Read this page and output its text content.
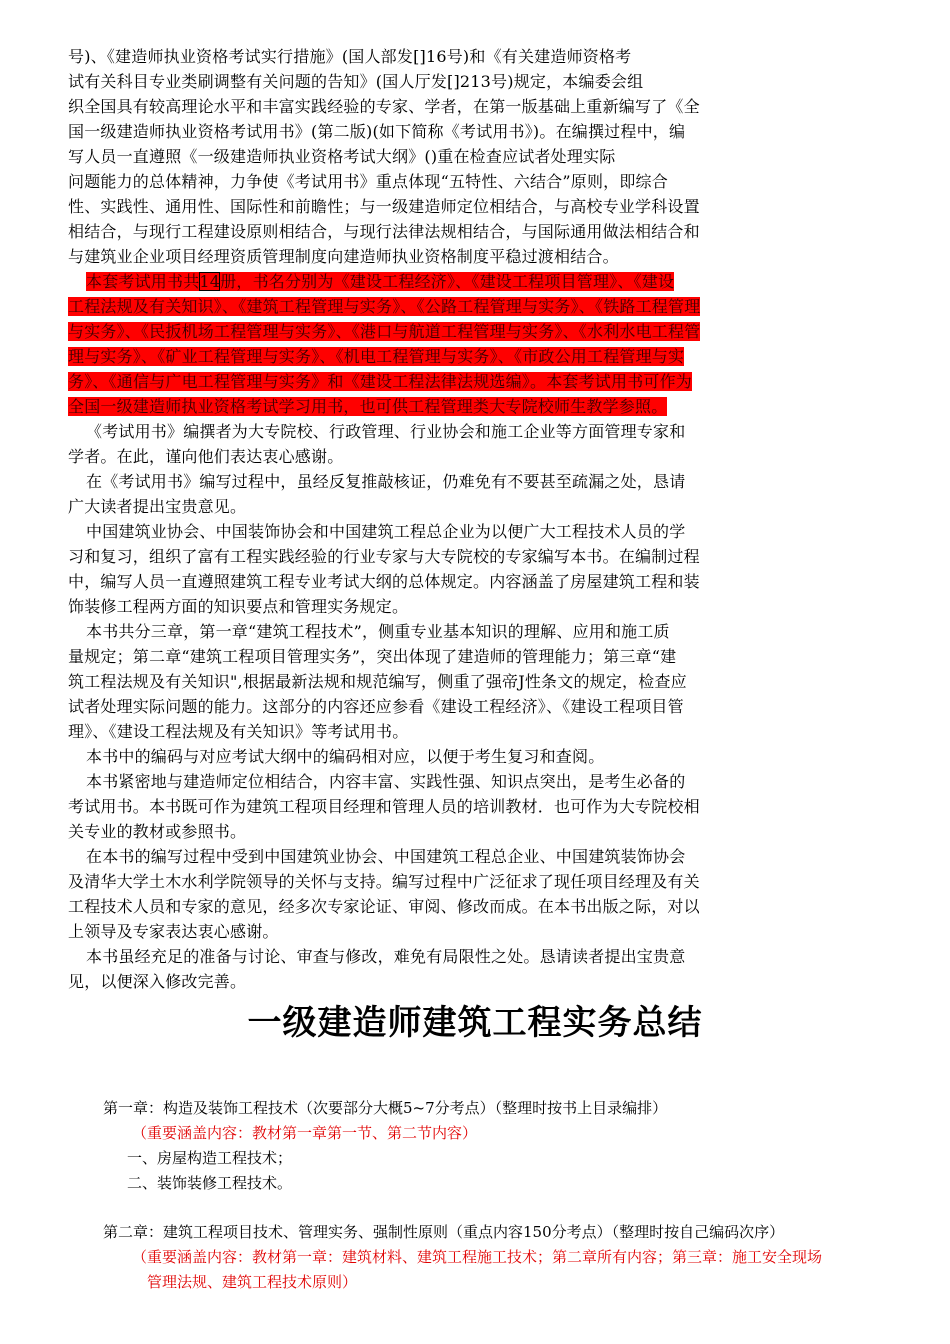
号)、《建造师执业资格考试实行措施》(国人部发[]16号)和《有关建造师资格考
试有关科目专业类刷调整有关问题的告知》(国人厅发[]213号)规定，本编委会组
织全国具有较高理论水平和丰富实践经验的专家、学者，在第一版基础上重新编写了《全
国一级建造师执业资格考试用书》(第二版)(如下简称《考试用书》)。在编撰过程中，编
写人员一直遵照《一级建造师执业资格考试大纲》()重在检查应试者处理实际
问题能力的总体精神，力争使《考试用书》重点体现“五特性、六结合”原则，即综合
性、实践性、通用性、国际性和前瞻性；与一级建造师定位相结合，与高校专业学科设置
相结合，与现行工程建设原则相结合，与现行法律法规相结合，与国际通用做法相结合和
与建筑业企业项目经理资质管理制度向建造师执业资格制度平稳过渡相结合。
本套考试用书共14册，书名分别为《建设工程经济》、《建设工程项目管理》、《建设
工程法规及有关知识》、《建筑工程管理与实务》、《公路工程管理与实务》、《铁路工程管理
与实务》、《民扳机场工程管理与实务》、《港口与航道工程管理与实务》、《水利水电工程管
理与实务》、《矿业工程管理与实务》、《机电工程管理与实务》、《市政公用工程管理与实
务》、《通信与广电工程管理与实务》和《建设工程法律法规选编》。本套考试用书可作为
全国一级建造师执业资格考试学习用书，也可供工程管理类大专院校师生教学参照。
《考试用书》编撰者为大专院校、行政管理、行业协会和施工企业等方面管理专家和
学者。在此，谨向他们表达衷心感谢。
在《考试用书》编写过程中，虽经反复推敲核证，仍难免有不要甚至疏漏之处，恳请
广大读者提出宝贵意见。
中国建筑业协会、中国装饰协会和中国建筑工程总企业为以便广大工程技术人员的学
习和复习，组织了富有工程实践经验的行业专家与大专院校的专家编写本书。在编制过程
中，编写人员一直遵照建筑工程专业考试大纲的总体规定。内容涵盖了房屋建筑工程和装
饰装修工程两方面的知识要点和管理实务规定。
本书共分三章，第一章“建筑工程技术”，侧重专业基本知识的理解、应用和施工质
量规定；第二章“建筑工程项目管理实务”，突出体现了建造师的管理能力；第三章“建
筑工程法规及有关知识",根据最新法规和规范编写，侧重了强帝J性条文的规定，检查应
试者处理实际问题的能力。这部分的内容还应参看《建设工程经济》、《建设工程项目管
理》、《建设工程法规及有关知识》等考试用书。
本书中的编码与对应考试大纲中的编码相对应，以便于考生复习和查阅。
本书紧密地与建造师定位相结合，内容丰富、实践性强、知识点突出，是考生必备的
考试用书。本书既可作为建筑工程项目经理和管理人员的培训教材．也可作为大专院校相
关专业的教材或参照书。
在本书的编写过程中受到中国建筑业协会、中国建筑工程总企业、中国建筑装饰协会
及清华大学土木水利学院领导的关怀与支持。编写过程中广泛征求了现任项目经理及有关
工程技术人员和专家的意见，经多次专家论证、审阅、修改而成。在本书出版之际，对以
上领导及专家表达衷心感谢。
本书虽经充足的准备与讨论、审查与修改，难免有局限性之处。恳请读者提出宝贵意
见，以便深入修改完善。
一级建造师建筑工程实务总结
第一章：构造及装饰工程技术（次要部分大概5~7分考点）（整理时按书上目录编排）
（重要涵盖内容：教材第一章第一节、第二节内容）
一、房屋构造工程技术；
二、装饰装修工程技术。
第二章：建筑工程项目技术、管理实务、强制性原则（重点内容150分考点）（整理时按自己编码次序）
（重要涵盖内容：教材第一章：建筑材料、建筑工程施工技术；第二章所有内容；第三章：施工安全现场
管理法规、建筑工程技术原则）
